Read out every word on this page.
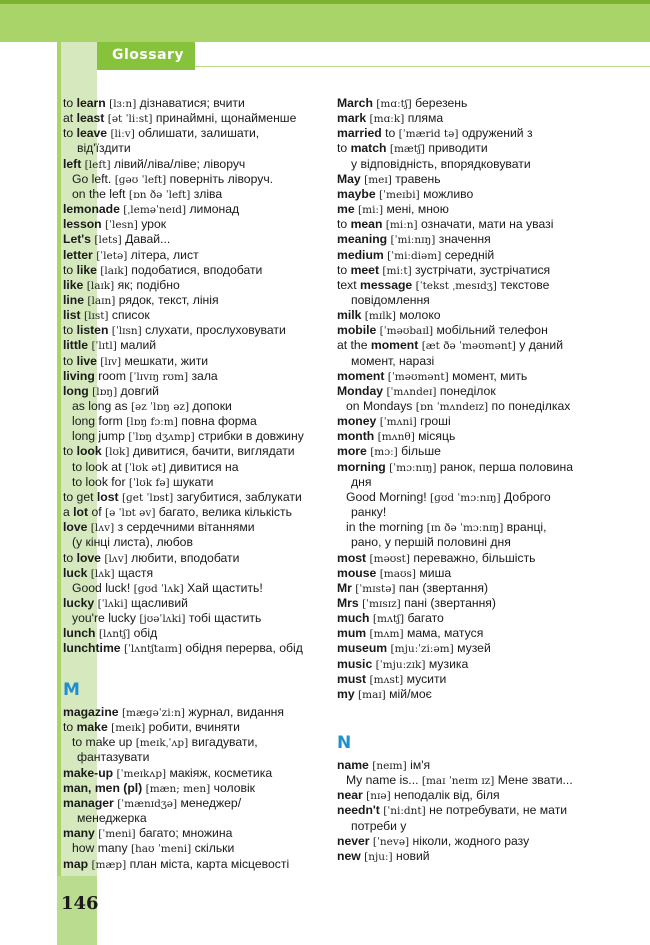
Glossary
146
to learn [lɜːn] дізнаватися; вчити
at least [ət ˈliːst] принаймні, щонайменше
to leave [liːv] облишати, залишати,
від'їздити
left [left] лівий/ліва/ліве; ліворуч
Go left. [ɡəʊ ˈleft] поверніть ліворуч.
on the left [ɒn ðə ˈleft] зліва
lemonade [ˌleməˈneɪd] лимонад
lesson [ˈlesn] урок
Let's [lets] Давай...
letter [ˈletə] літера, лист
to like [laɪk] подобатися, вподобати
like [laɪk] як; подібно
line [laɪn] рядок, текст, лінія
list [lɪst] список
to listen [ˈlɪsn] слухати, прослуховувати
little [ˈlɪtl] малий
to live [lɪv] мешкати, жити
living room [ˈlɪvɪŋ rʊm] зала
long [lɒŋ] довгий
as long as [əz ˈlɒŋ əz] допоки
long form [lɒŋ fɔːm] повна форма
long jump [ˈlɒŋ dʒʌmp] стрибки в довжину
to look [lʊk] дивитися, бачити, виглядати
to look at [ˈlʊk ət] дивитися на
to look for [ˈlʊk fə] шукати
to get lost [ɡet ˈlɒst] загубитися, заблукати
a lot of [ə ˈlɒt əv] багато, велика кількість
love [lʌv] з сердечними вітаннями
(у кінці листа), любов
to love [lʌv] любити, вподобати
luck [lʌk] щастя
Good luck! [ɡʊd ˈlʌk] Хай щастить!
lucky [ˈlʌki] щасливий
you're lucky [jʊəˈlʌki] тобі щастить
lunch [lʌntʃ] обід
lunchtime [ˈlʌntʃtaɪm] обідня перерва, обід
M
magazine [mæɡəˈziːn] журнал, видання
to make [meɪk] робити, вчиняти
to make up [meɪkˌˈʌp] вигадувати,
фантазувати
make-up [ˈmeɪkʌp] макіяж, косметика
man, men (pl) [mæn; men] чоловік
manager [ˈmænɪdʒə] менеджер/
менеджерка
many [ˈmeni] багато; множина
how many [haʊ ˈmeni] скільки
map [mæp] план міста, карта місцевості
March [mɑːtʃ] березень
mark [mɑːk] пляма
married to [ˈmærid tə] одружений з
to match [mætʃ] приводити
у відповідність, впорядковувати
May [meɪ] травень
maybe [ˈmeɪbi] можливо
me [miː] мені, мною
to mean [miːn] означати, мати на увазі
meaning [ˈmiːnɪŋ] значення
medium [ˈmiːdiəm] середній
to meet [miːt] зустрічати, зустрічатися
text message [ˈtekst ˌmesɪdʒ] текстове
повідомлення
milk [mɪlk] молоко
mobile [ˈməʊbaɪl] мобільний телефон
at the moment [æt ðə ˈməʊmənt] у даний
момент, наразі
moment [ˈməʊmənt] момент, мить
Monday [ˈmʌndeɪ] понеділок
on Mondays [ɒn ˈmʌndeɪz] по понеділках
money [ˈmʌni] гроші
month [mʌnθ] місяць
more [mɔː] більше
morning [ˈmɔːnɪŋ] ранок, перша половина
дня
Good Morning! [ɡʊd ˈmɔːnɪŋ] Доброго
ранку!
in the morning [ɪn ðə ˈmɔːnɪŋ] вранці,
рано, у першій половині дня
most [məʊst] переважно, більшість
mouse [maʊs] миша
Mr [ˈmɪstə] пан (звертання)
Mrs [ˈmɪsɪz] пані (звертання)
much [mʌtʃ] багато
mum [mʌm] мама, матуся
museum [mjuːˈziːəm] музей
music [ˈmjuːzɪk] музика
must [mʌst] мусити
my [maɪ] мій/моє
N
name [neɪm] ім'я
My name is... [maɪ ˈneɪm ɪz] Мене звати...
near [nɪə] неподалік від, біля
needn't [ˈniːdnt] не потребувати, не мати
потреби у
never [ˈnevə] ніколи, жодного разу
new [njuː] новий
